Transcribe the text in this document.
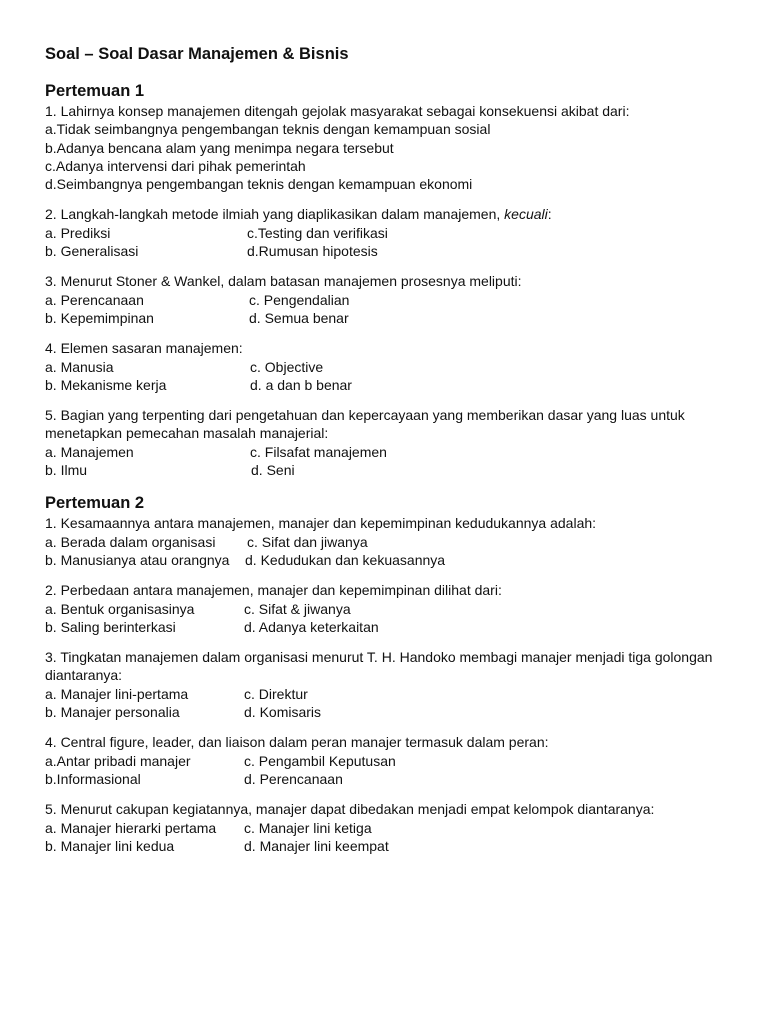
Soal – Soal Dasar Manajemen & Bisnis
Pertemuan 1
1. Lahirnya konsep manajemen ditengah gejolak masyarakat sebagai konsekuensi akibat dari:
a.Tidak seimbangnya pengembangan teknis dengan kemampuan sosial
b.Adanya bencana alam yang menimpa negara tersebut
c.Adanya intervensi dari pihak pemerintah
d.Seimbangnya pengembangan teknis dengan kemampuan ekonomi
2. Langkah-langkah metode ilmiah yang diaplikasikan dalam manajemen, kecuali:
a. Prediksi	c.Testing dan verifikasi
b. Generalisasi	d.Rumusan hipotesis
3. Menurut Stoner & Wankel, dalam batasan manajemen prosesnya meliputi:
a. Perencanaan	c. Pengendalian
b. Kepemimpinan	d. Semua benar
4. Elemen sasaran manajemen:
a. Manusia	c. Objective
b. Mekanisme kerja	d. a dan b benar
5. Bagian yang terpenting dari pengetahuan dan kepercayaan yang memberikan dasar yang luas untuk
menetapkan pemecahan masalah manajerial:
a. Manajemen	c. Filsafat manajemen
b. Ilmu	d. Seni
Pertemuan 2
1. Kesamaannya antara manajemen, manajer dan kepemimpinan kedudukannya adalah:
a. Berada dalam organisasi	c. Sifat dan jiwanya
b. Manusianya atau orangnya	d. Kedudukan dan kekuasannya
2. Perbedaan antara manajemen, manajer dan kepemimpinan dilihat dari:
a. Bentuk organisasinya	c. Sifat & jiwanya
b. Saling berinterkasi	d. Adanya keterkaitan
3. Tingkatan manajemen dalam organisasi menurut T. H. Handoko membagi manajer menjadi tiga golongan
diantaranya:
a. Manajer lini-pertama	c. Direktur
b. Manajer personalia	d. Komisaris
4. Central figure, leader, dan liaison dalam peran manajer termasuk dalam peran:
a.Antar pribadi manajer	c. Pengambil Keputusan
b.Informasional	d. Perencanaan
5. Menurut cakupan kegiatannya, manajer dapat dibedakan menjadi empat kelompok diantaranya:
a. Manajer hierarki pertama	c. Manajer lini ketiga
b. Manajer lini kedua	d. Manajer lini keempat
